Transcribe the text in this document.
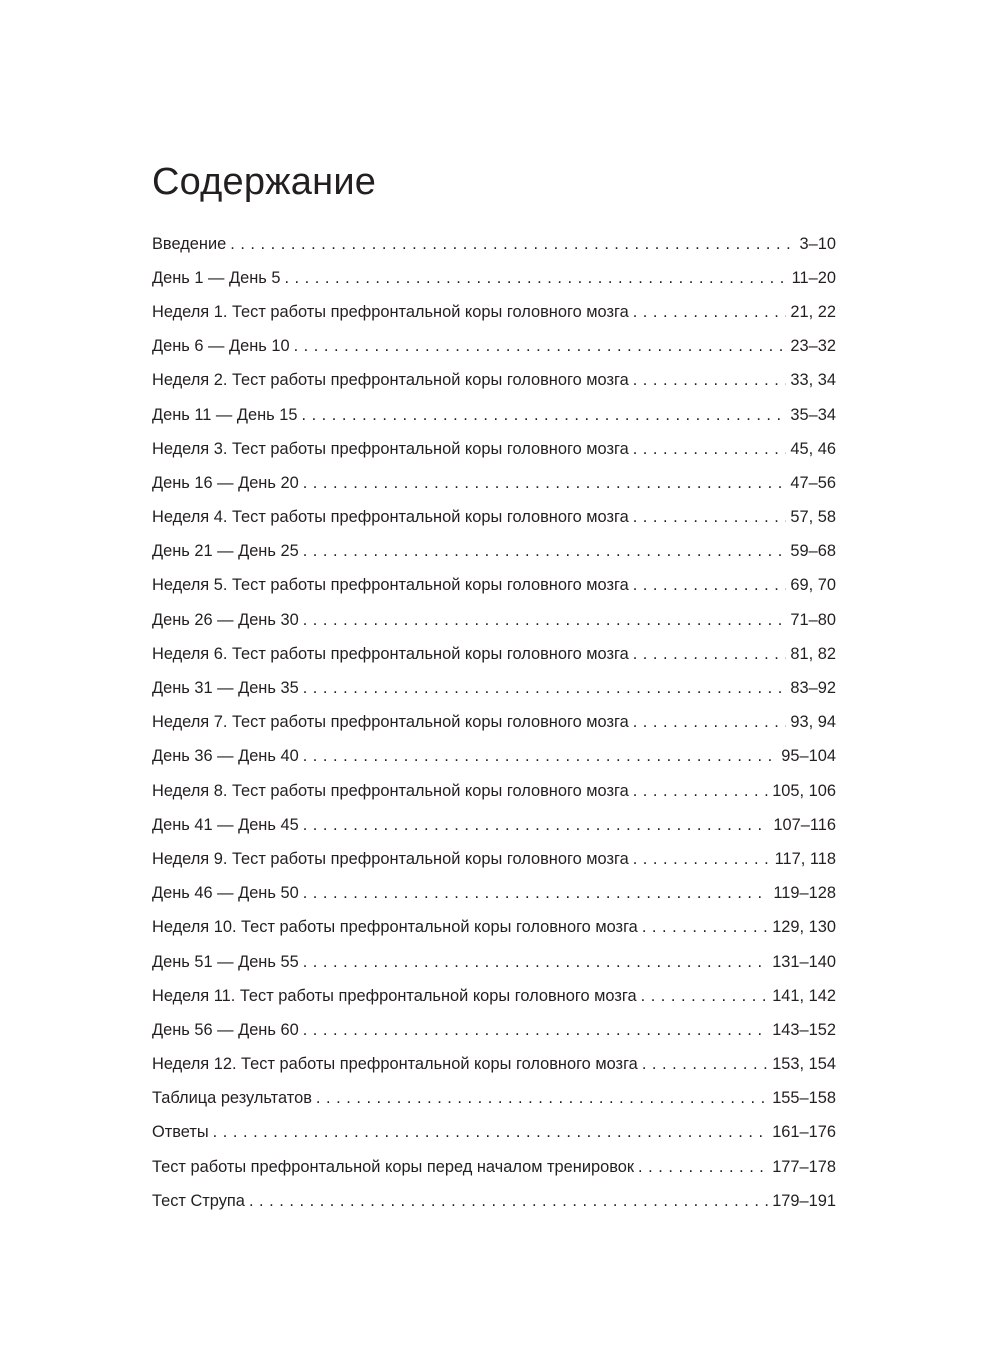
Содержание
Введение . . .	3–10
День 1 — День 5 . . .	11–20
Неделя 1. Тест работы префронтальной коры головного мозга . . .	21, 22
День 6 — День 10 . . .	23–32
Неделя 2. Тест работы префронтальной коры головного мозга . . .	33, 34
День 11 — День 15 . . .	35–34
Неделя 3. Тест работы префронтальной коры головного мозга . . .	45, 46
День 16 — День 20 . . .	47–56
Неделя 4. Тест работы префронтальной коры головного мозга . . .	57, 58
День 21 — День 25 . . .	59–68
Неделя 5. Тест работы префронтальной коры головного мозга . . .	69, 70
День 26 — День 30 . . .	71–80
Неделя 6. Тест работы префронтальной коры головного мозга . . .	81, 82
День 31 — День 35 . . .	83–92
Неделя 7. Тест работы префронтальной коры головного мозга . . .	93, 94
День 36 — День 40 . . .	95–104
Неделя 8. Тест работы префронтальной коры головного мозга . . .	105, 106
День 41 — День 45 . . .	107–116
Неделя 9. Тест работы префронтальной коры головного мозга . . .	117, 118
День 46 — День 50 . . .	119–128
Неделя 10. Тест работы префронтальной коры головного мозга . . .	129, 130
День 51 — День 55 . . .	131–140
Неделя 11. Тест работы префронтальной коры головного мозга . . .	141, 142
День 56 — День 60 . . .	143–152
Неделя 12. Тест работы префронтальной коры головного мозга . . .	153, 154
Таблица результатов . . .	155–158
Ответы . . .	161–176
Тест работы префронтальной коры перед началом тренировок . . .	177–178
Тест Струпа . . .	179–191
